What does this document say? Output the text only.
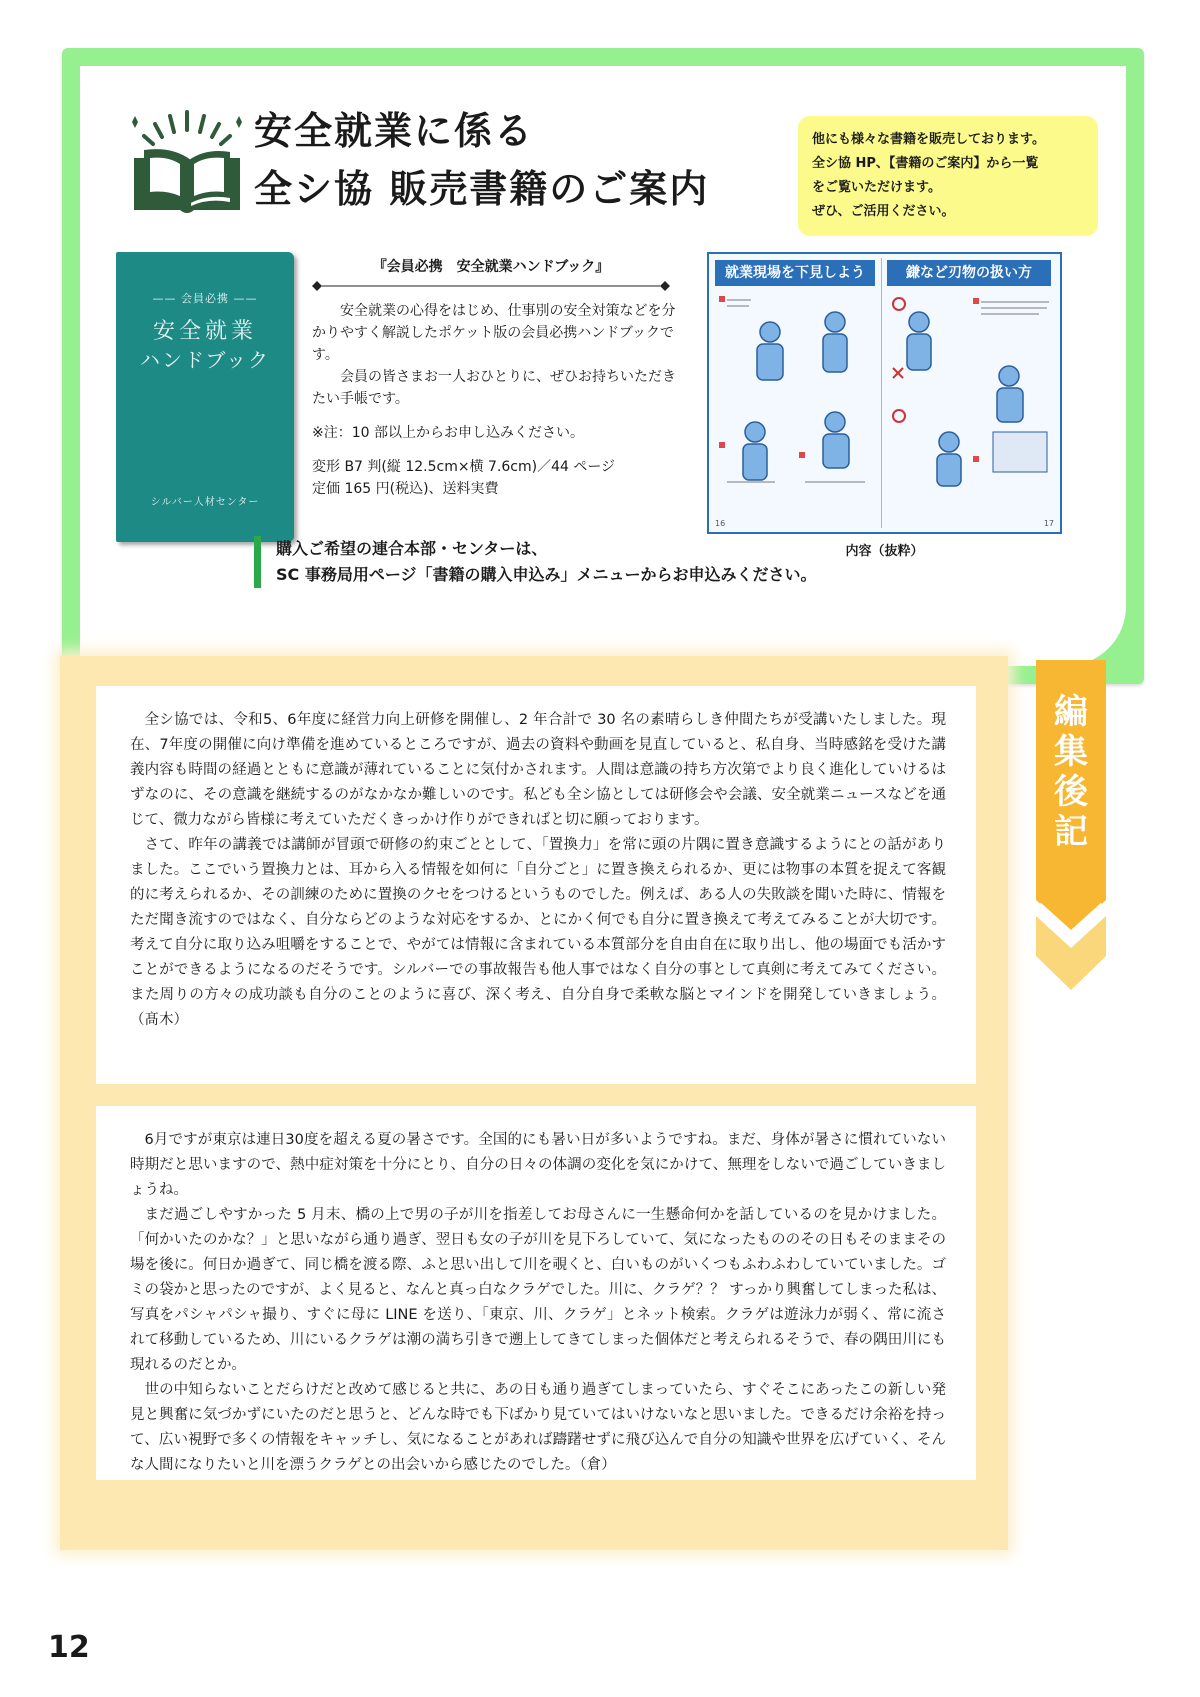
安全就業に係る
全シ協 販売書籍のご案内
他にも様々な書籍を販売しております。
全シ協 HP、【書籍のご案内】から一覧
をご覧いただけます。
ぜひ、ご活用ください。
—— 会員必携 ——
安全就業
ハンドブック
シルバー人材センター
『会員必携　安全就業ハンドブック』

安全就業の心得をはじめ、仕事別の安全対策などを分かりやすく解説したポケット版の会員必携ハンドブックです。

会員の皆さまお一人おひとりに、ぜひお持ちいただきたい手帳です。

※注：10 部以上からお申し込みください。

変形 B7 判(縦 12.5cm×横 7.6cm)／44 ページ

定価 165 円(税込)、送料実費

就業現場を下見しよう	鎌など刃物の扱い方
16	17
内容（抜粋）

購入ご希望の連合本部・センターは、
SC 事務局用ページ「書籍の購入申込み」メニューからお申込みください。

全シ協では、令和5、6年度に経営力向上研修を開催し、2 年合計で 30 名の素晴らしき仲間たちが受講いたしました。現在、7年度の開催に向け準備を進めているところですが、過去の資料や動画を見直していると、私自身、当時感銘を受けた講義内容も時間の経過とともに意識が薄れていることに気付かされます。人間は意識の持ち方次第でより良く進化していけるはずなのに、その意識を継続するのがなかなか難しいのです。私ども全シ協としては研修会や会議、安全就業ニュースなどを通じて、微力ながら皆様に考えていただくきっかけ作りができればと切に願っております。

さて、昨年の講義では講師が冒頭で研修の約束ごととして、「置換力」を常に頭の片隅に置き意識するようにとの話がありました。ここでいう置換力とは、耳から入る情報を如何に「自分ごと」に置き換えられるか、更には物事の本質を捉えて客観的に考えられるか、その訓練のために置換のクセをつけるというものでした。例えば、ある人の失敗談を聞いた時に、情報をただ聞き流すのではなく、自分ならどのような対応をするか、とにかく何でも自分に置き換えて考えてみることが大切です。考えて自分に取り込み咀嚼をすることで、やがては情報に含まれている本質部分を自由自在に取り出し、他の場面でも活かすことができるようになるのだそうです。シルバーでの事故報告も他人事ではなく自分の事として真剣に考えてみてください。また周りの方々の成功談も自分のことのように喜び、深く考え、自分自身で柔軟な脳とマインドを開発していきましょう。（髙木）

6月ですが東京は連日30度を超える夏の暑さです。全国的にも暑い日が多いようですね。まだ、身体が暑さに慣れていない時期だと思いますので、熱中症対策を十分にとり、自分の日々の体調の変化を気にかけて、無理をしないで過ごしていきましょうね。

まだ過ごしやすかった 5 月末、橋の上で男の子が川を指差してお母さんに一生懸命何かを話しているのを見かけました。「何かいたのかな？」と思いながら通り過ぎ、翌日も女の子が川を見下ろしていて、気になったもののその日もそのままその場を後に。何日か過ぎて、同じ橋を渡る際、ふと思い出して川を覗くと、白いものがいくつもふわふわしていていました。ゴミの袋かと思ったのですが、よく見ると、なんと真っ白なクラゲでした。川に、クラゲ？？ すっかり興奮してしまった私は、写真をパシャパシャ撮り、すぐに母に LINE を送り、「東京、川、クラゲ」とネット検索。クラゲは遊泳力が弱く、常に流されて移動しているため、川にいるクラゲは潮の満ち引きで遡上してきてしまった個体だと考えられるそうで、春の隅田川にも現れるのだとか。

世の中知らないことだらけだと改めて感じると共に、あの日も通り過ぎてしまっていたら、すぐそこにあったこの新しい発見と興奮に気づかずにいたのだと思うと、どんな時でも下ばかり見ていてはいけないなと思いました。できるだけ余裕を持って、広い視野で多くの情報をキャッチし、気になることがあれば躊躇せずに飛び込んで自分の知識や世界を広げていく、そんな人間になりたいと川を漂うクラゲとの出会いから感じたのでした。（倉）

編
集
後
記
12
